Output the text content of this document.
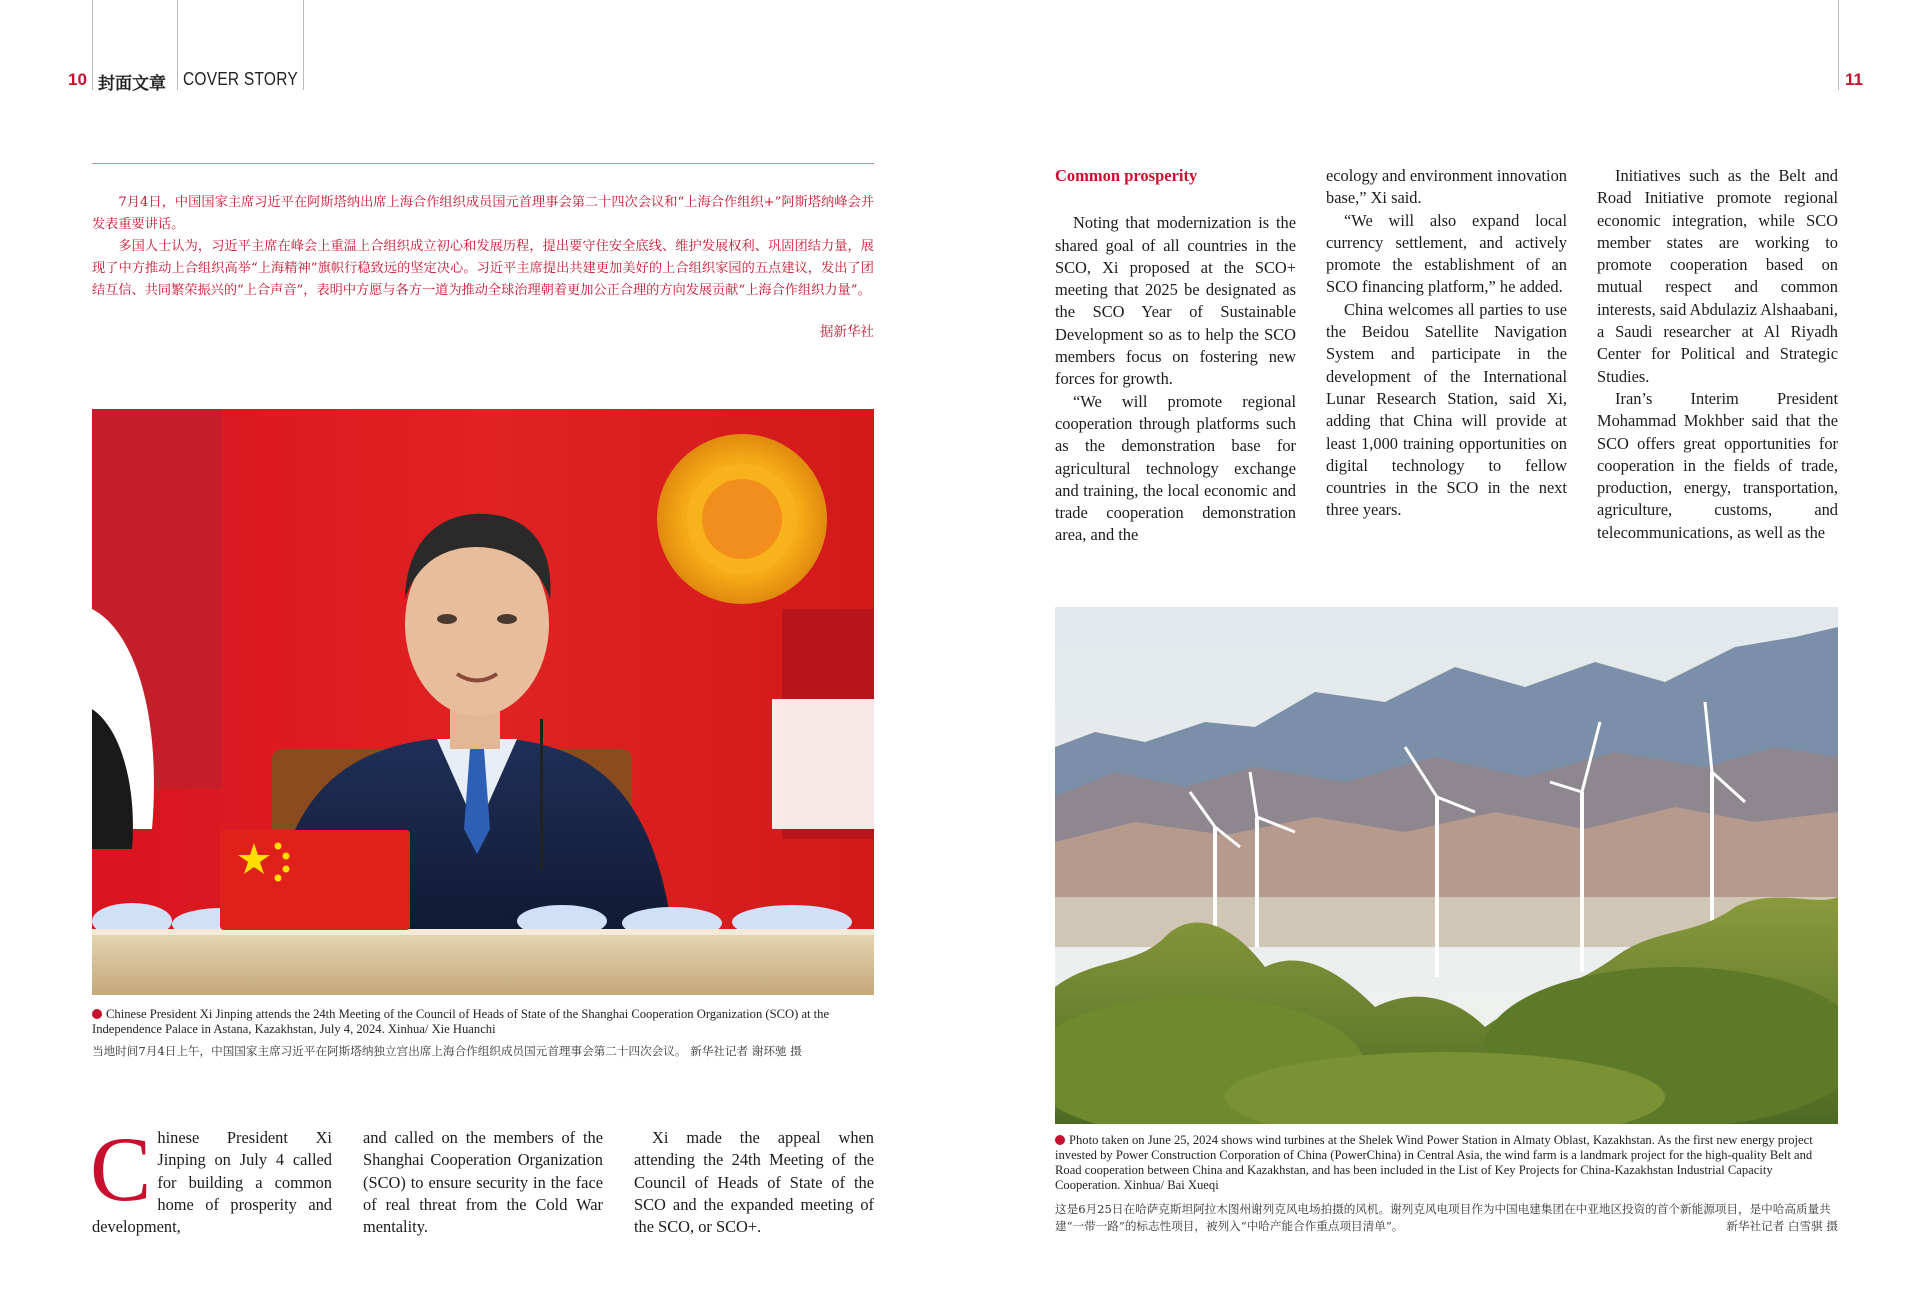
10 封面文章 COVER STORY	11

7月4日，中国国家主席习近平在阿斯塔纳出席上海合作组织成员国元首理事会第二十四次会议和“上海合作组织+”阿斯塔纳峰会并发表重要讲话。

多国人士认为，习近平主席在峰会上重温上合组织成立初心和发展历程，提出要守住安全底线、维护发展权利、巩固团结力量，展现了中方推动上合组织高举“上海精神”旗帜行稳致远的坚定决心。习近平主席提出共建更加美好的上合组织家园的五点建议，发出了团结互信、共同繁荣振兴的“上合声音”，表明中方愿与各方一道为推动全球治理朝着更加公正合理的方向发展贡献“上海合作组织力量”。

据新华社
Chinese President Xi Jinping attends the 24th Meeting of the Council of Heads of State of the Shanghai Cooperation Organization (SCO) at the Independence Palace in Astana, Kazakhstan, July 4, 2024. Xinhua/ Xie Huanchi
当地时间7月4日上午，中国国家主席习近平在阿斯塔纳独立宫出席上海合作组织成员国元首理事会第二十四次会议。 新华社记者 谢环驰 摄

Chinese President Xi Jinping on July 4 called for building a common home of prosperity and development,

and called on the members of the Shanghai Cooperation Organization (SCO) to ensure security in the face of real threat from the Cold War mentality.

Xi made the appeal when attending the 24th Meeting of the Council of Heads of State of the SCO and the expanded meeting of the SCO, or SCO+.

Common prosperity

Noting that modernization is the shared goal of all countries in the SCO, Xi proposed at the SCO+ meeting that 2025 be designated as the SCO Year of Sustainable Development so as to help the SCO members focus on fostering new forces for growth.

“We will promote regional cooperation through platforms such as the demonstration base for agricultural technology exchange and training, the local economic and trade cooperation demonstration area, and the

ecology and environment innovation base,” Xi said.

“We will also expand local currency settlement, and actively promote the establishment of an SCO financing platform,” he added.

China welcomes all parties to use the Beidou Satellite Navigation System and participate in the development of the International Lunar Research Station, said Xi, adding that China will provide at least 1,000 training opportunities on digital technology to fellow countries in the SCO in the next three years.

Initiatives such as the Belt and Road Initiative promote regional economic integration, while SCO member states are working to promote cooperation based on mutual respect and common interests, said Abdulaziz Alshaabani, a Saudi researcher at Al Riyadh Center for Political and Strategic Studies.

Iran’s Interim President Mohammad Mokhber said that the SCO offers great opportunities for cooperation in the fields of trade, production, energy, transportation, agriculture, customs, and telecommunications, as well as the

Photo taken on June 25, 2024 shows wind turbines at the Shelek Wind Power Station in Almaty Oblast, Kazakhstan. As the first new energy project invested by Power Construction Corporation of China (PowerChina) in Central Asia, the wind farm is a landmark project for the high-quality Belt and Road cooperation between China and Kazakhstan, and has been included in the List of Key Projects for China-Kazakhstan Industrial Capacity Cooperation. Xinhua/ Bai Xueqi
这是6月25日在哈萨克斯坦阿拉木图州谢列克风电场拍摄的风机。谢列克风电项目作为中国电建集团在中亚地区投资的首个新能源项目，是中哈高质量共建“一带一路”的标志性项目，被列入“中哈产能合作重点项目清单”。	新华社记者 白雪骐 摄
